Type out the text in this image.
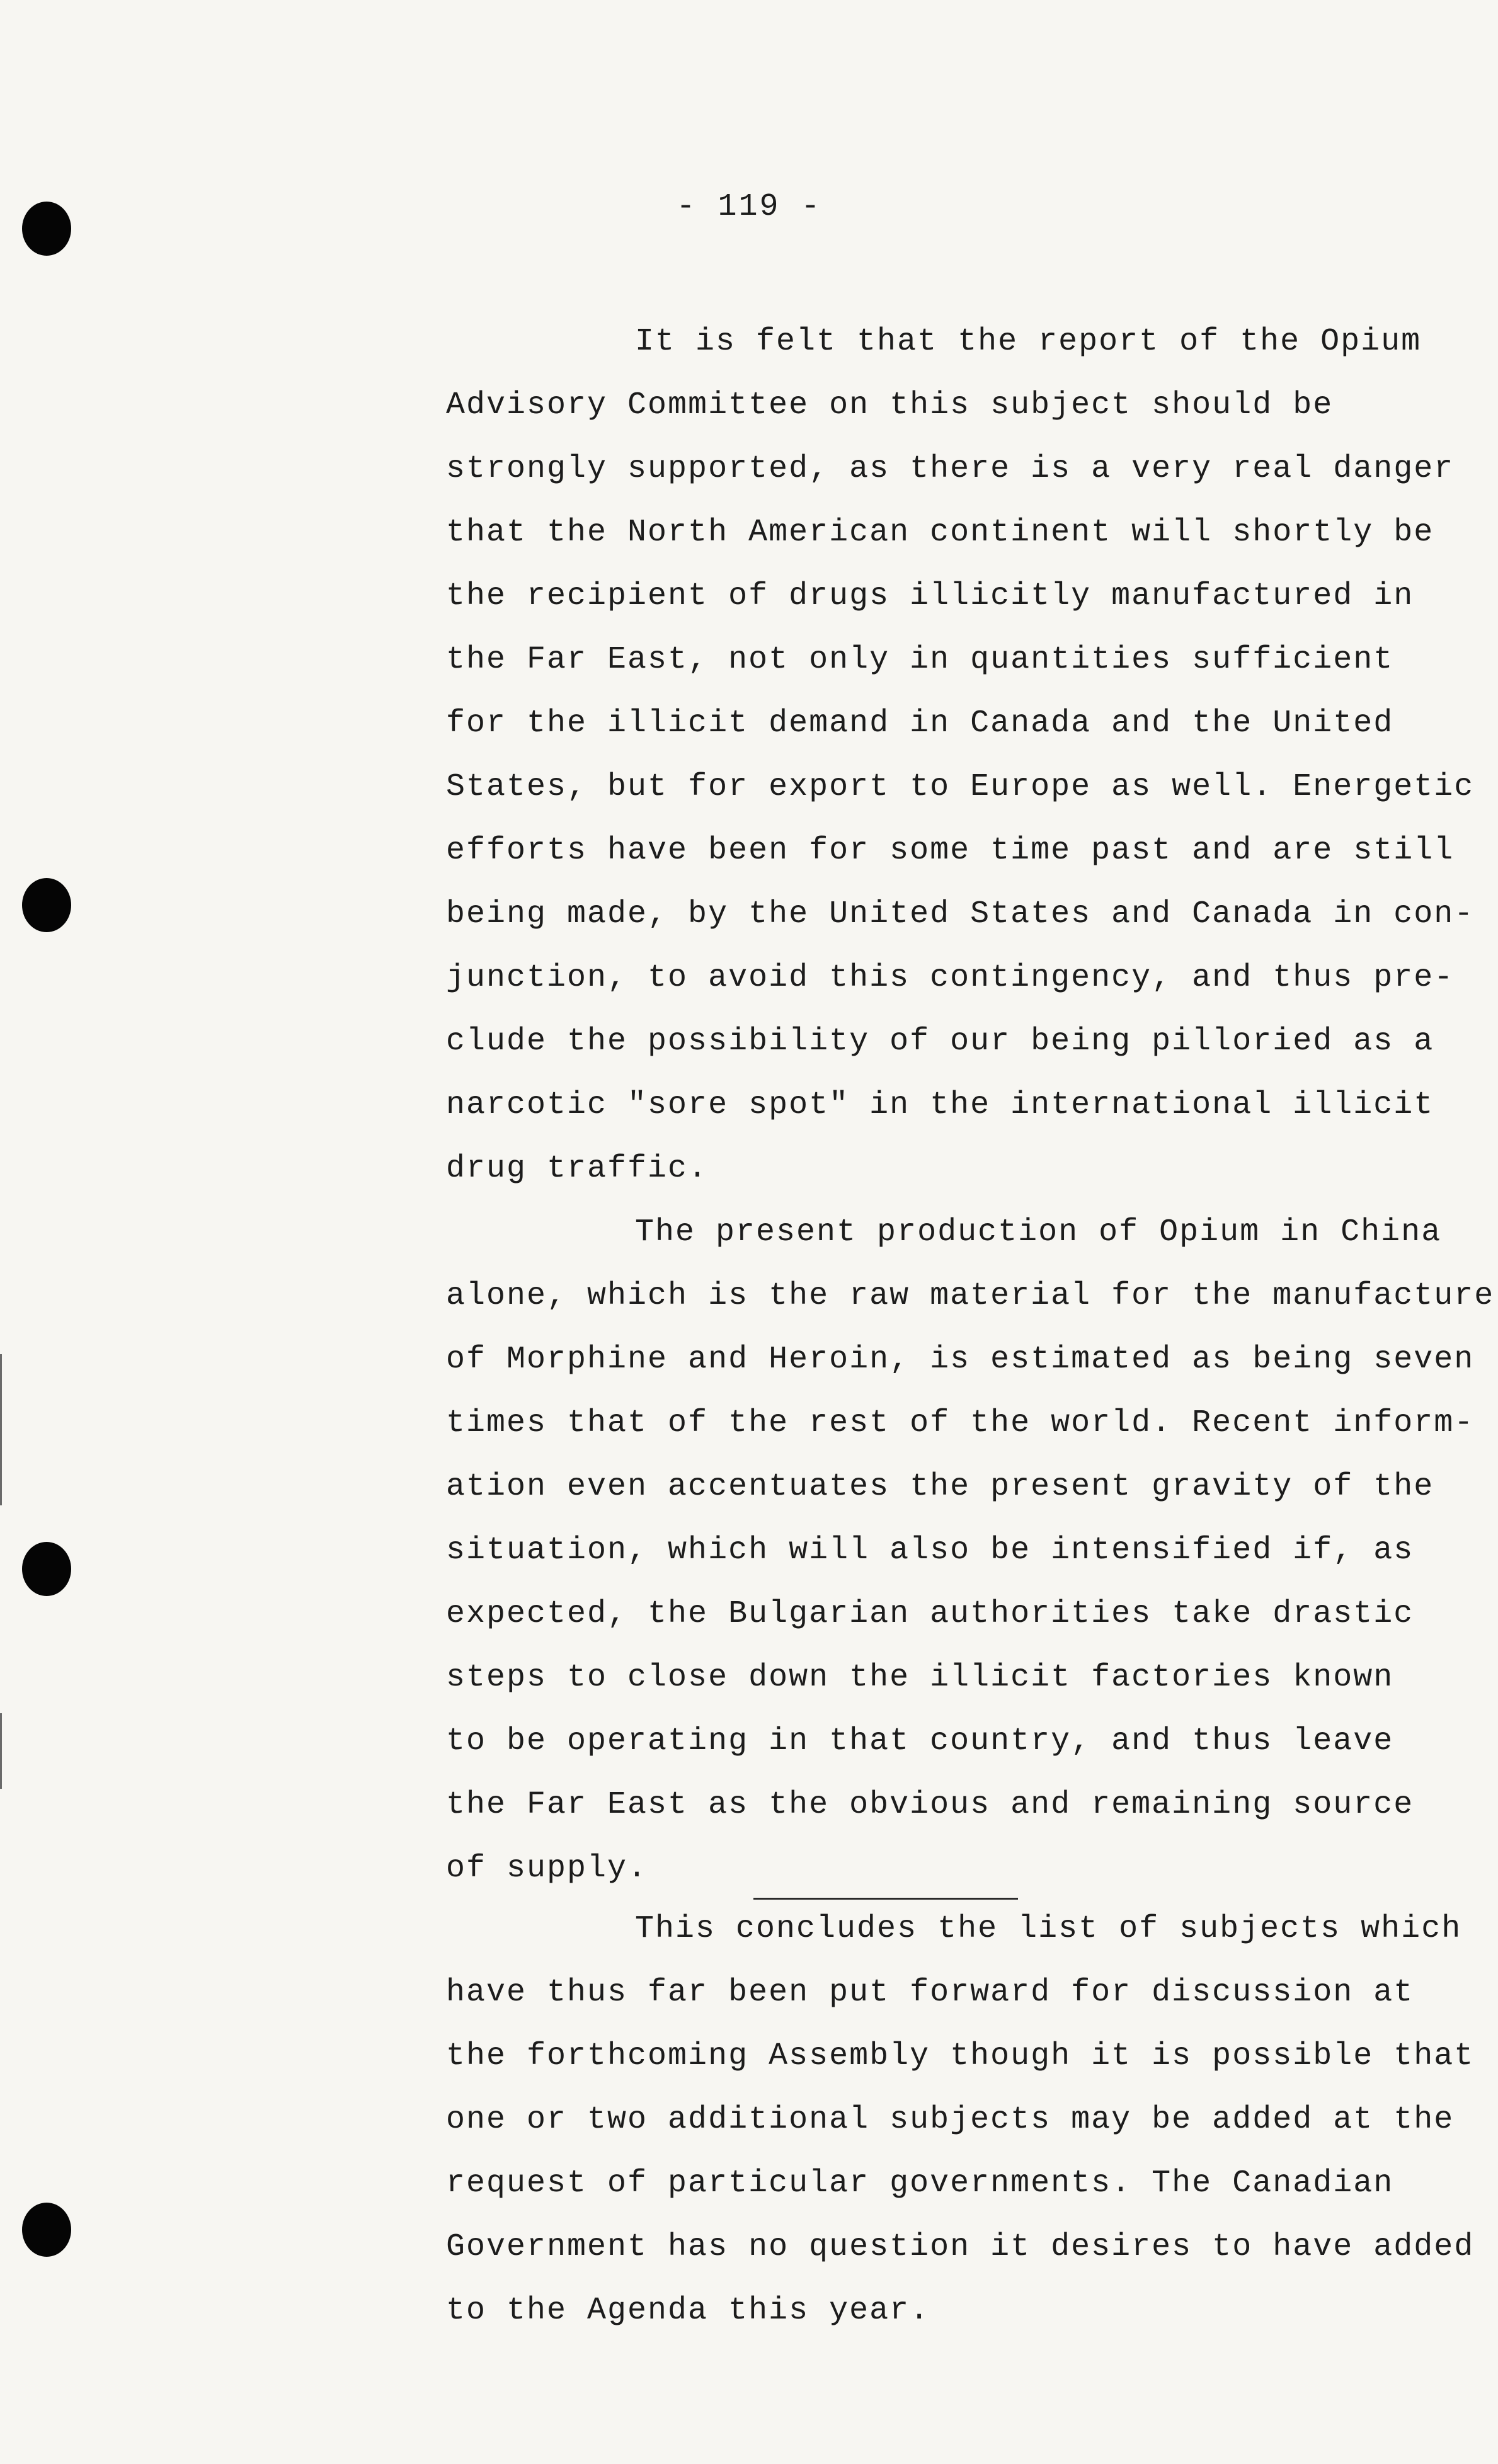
- 119 -
It is felt that the report of the Opium
Advisory Committee on this subject should be
strongly supported, as there is a very real danger
that the North American continent will shortly be
the recipient of drugs illicitly manufactured in
the Far East, not only in quantities sufficient
for the illicit demand in Canada and the United
States, but for export to Europe as well. Energetic
efforts have been for some time past and are still
being made, by the United States and Canada in con-
junction, to avoid this contingency, and thus pre-
clude the possibility of our being pilloried as a
narcotic "sore spot" in the international illicit
drug traffic.
The present production of Opium in China
alone, which is the raw material for the manufacture
of Morphine and Heroin, is estimated as being seven
times that of the rest of the world. Recent inform-
ation even accentuates the present gravity of the
situation, which will also be intensified if, as
expected, the Bulgarian authorities take drastic
steps to close down the illicit factories known
to be operating in that country, and thus leave
the Far East as the obvious and remaining source
of supply.
This concludes the list of subjects which
have thus far been put forward for discussion at
the forthcoming Assembly though it is possible that
one or two additional subjects may be added at the
request of particular governments. The Canadian
Government has no question it desires to have added
to the Agenda this year.
